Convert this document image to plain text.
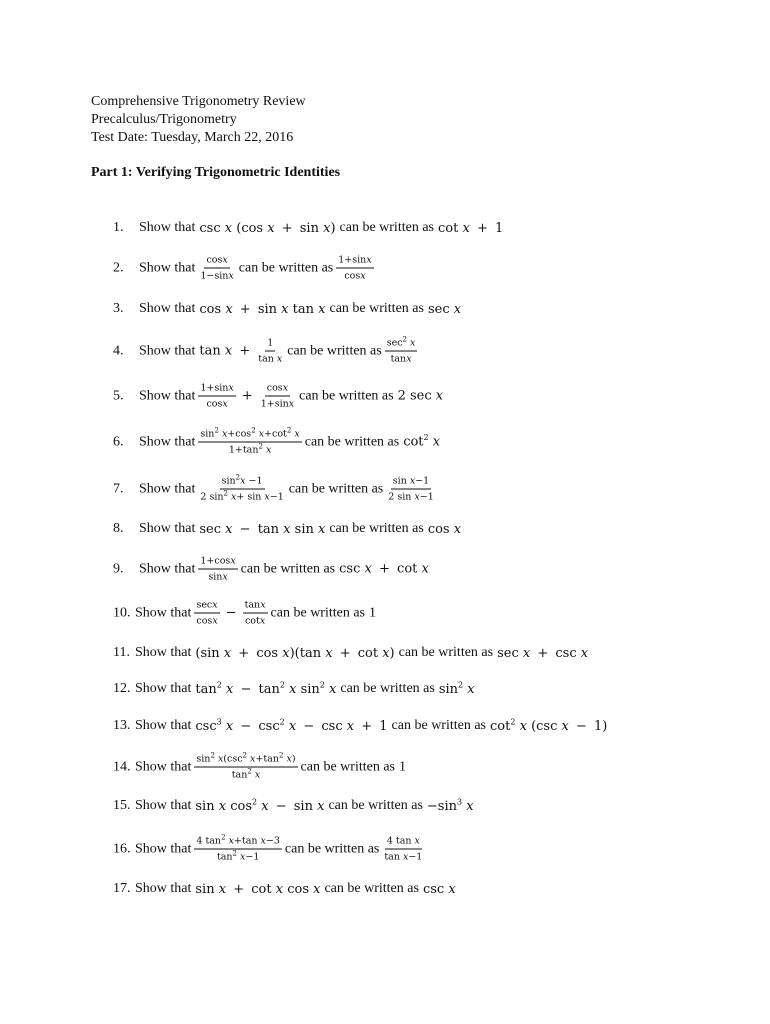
Comprehensive Trigonometry Review
Precalculus/Trigonometry
Test Date: Tuesday, March 22, 2016
Part 1: Verifying Trigonometric Identities
1.	Show that csc x (cos x + sin x) can be written as cot x + 1
2.	Show that cosx
1−sinx
can be written as 1+sinx
cosx
3.	Show that cos x + sin x tan x can be written as sec x
4.	Show that $\tan x + \frac{1}{\text{tan x}}$ can be written as $\sec^2 x$
tanx
5.	Show that 1+sinx
cosx
+ $\frac{\cos x}{1+\sin x}$ can be written as 2 sec x
6.	Show that $\sin^2 x+\cos^2$ $x+\cot^2$ x
$1+\tan^2$ x
can be written as $\cot^2 x$
7.	Show that	$\sin^2x -1$
2 $\sin^2 x+ \sin x-1$
can be written as sin x−1
2 sin x−1
8.	Show that sec x − tan x sin x can be written as cos x
9.	Show that 1+cosx
sinx
can be written as csc x + cot x
10. Show that secx
cosx
− $\frac{\tan x}{\cot x}$ can be written as 1
11. Show that (sin x + cos x)(tan x + cot x) can be written as sec x + csc x
12. Show that $\tan^2 x - \tan^2 x$ $\sin^2 x$ can be written as $\sin^2 x$
13. Show that $\csc^3 x - \csc^2 x - \csc x + 1$ can be written as $\cot^2 x$ (csc x − 1)
14. Show that $\sin^2 x(\csc^2$ $x+\tan^2$ x)
$\tan^2 x$
can be written as 1
15. Show that sin x $\cos^2 x - \sin x$ can be written as $-\sin^3$ x
16. Show that 4 $\tan^2 x+\tan$ x−3
$\tan^2 x-1$
can be written as 4 tan x
tan x−1
17. Show that sin x + cot x cos x can be written as csc x
